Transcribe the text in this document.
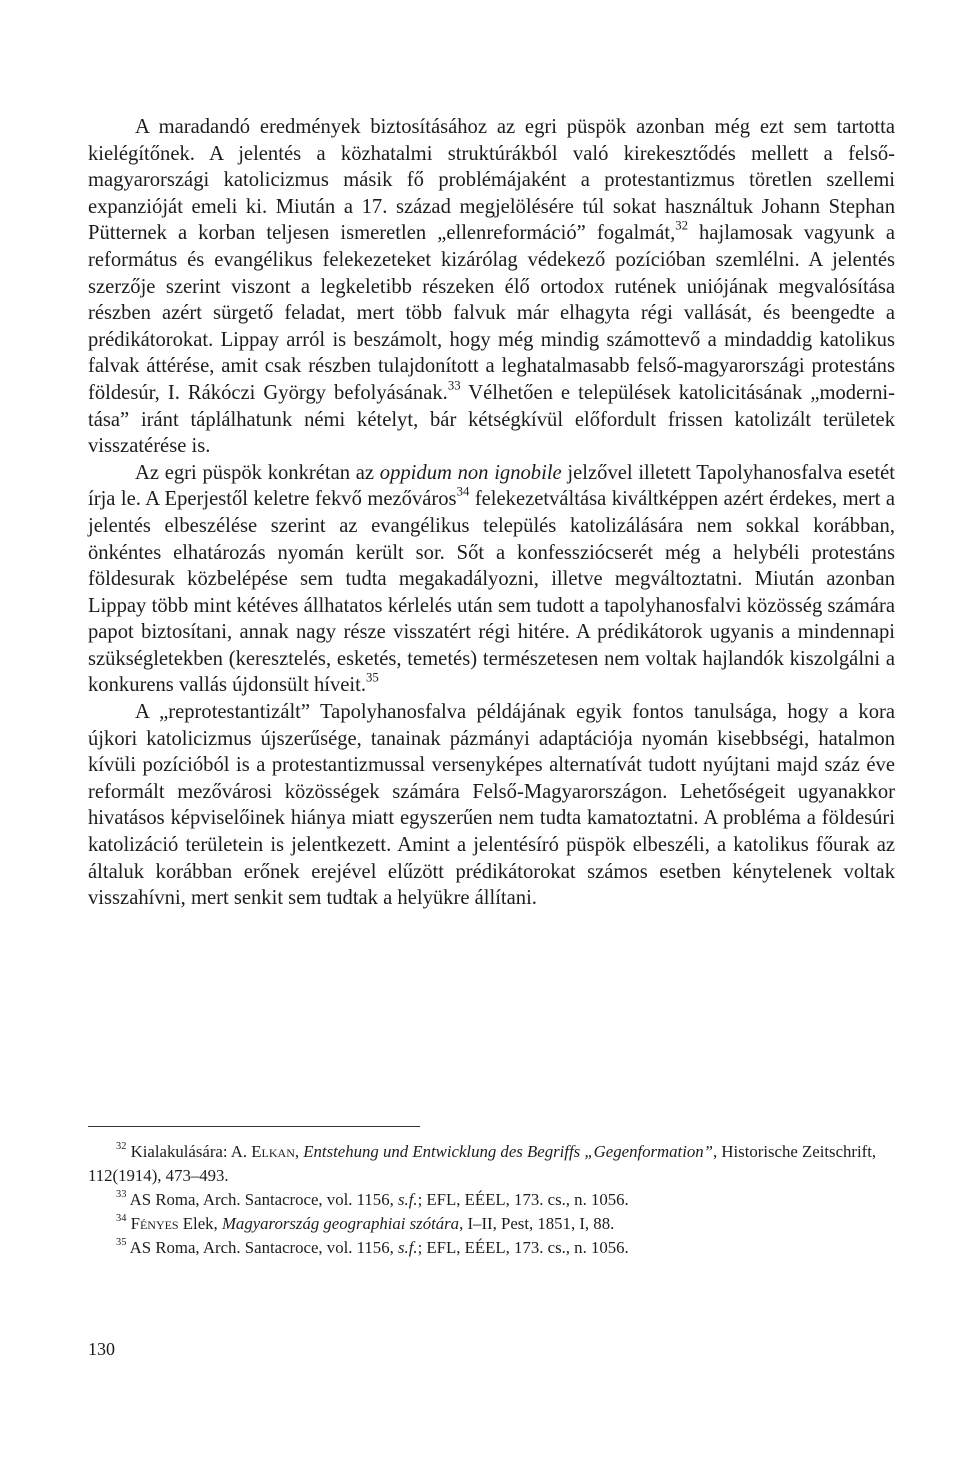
A maradandó eredmények biztosításához az egri püspök azonban még ezt sem tartotta kielégítőnek. A jelentés a közhatalmi struktúrákból való kirekesztődés mellett a felső-magyarországi katolicizmus másik fő problémájaként a protestantizmus töretlen szellemi expanzióját emeli ki. Miután a 17. század megjelölésére túl sokat használtuk Johann Stephan Pütternek a korban teljesen ismeretlen „ellenreformáció” fogalmát,$^{32}$ hajlamosak vagyunk a református és evangélikus felekezeteket kizárólag védekező pozícióban szemlélni. A jelentés szerzője szerint viszont a legkeletibb részeken élő ortodox rutének uniójának megvalósítása részben azért sürgető feladat, mert több falvuk már elhagyta régi vallását, és beengedte a prédikátorokat. Lippay arról is beszámolt, hogy még mindig számottevő a mindaddig katolikus falvak áttérése, amit csak részben tulajdonított a leghatalmasabb felső-magyarországi protestáns földesúr, I. Rákóczi György befolyásának.$^{33}$ Vélhetően e települések katolicitásának „modernitása” iránt táplálhatunk némi kételyt, bár kétségkívül előfordult frissen katolizált területek visszatérése is.

Az egri püspök konkrétan az oppidum non ignobile jelzővel illetett Tapolyhanosfalva esetét írja le. A Eperjestől keletre fekvő mezőváros$^{34}$ felekezetváltása kiváltképpen azért érdekes, mert a jelentés elbeszélése szerint az evangélikus település katolizálására nem sokkal korábban, önkéntes elhatározás nyomán került sor. Sőt a konfessziócserét még a helybéli protestáns földesurak közbelépése sem tudta megakadályozni, illetve megváltoztatni. Miután azonban Lippay több mint kétéves állhatatos kérlelés után sem tudott a tapolyhanosfalvi közösség számára papot biztosítani, annak nagy része visszatért régi hitére. A prédikátorok ugyanis a mindennapi szükségletekben (keresztelés, esketés, temetés) természetesen nem voltak hajlandók kiszolgálni a konkurens vallás újdonsült híveit.$^{35}$

A „reprotestantizált” Tapolyhanosfalva példájának egyik fontos tanulsága, hogy a kora újkori katolicizmus újszerűsége, tanainak pázmányi adaptációja nyomán kisebbségi, hatalmon kívüli pozícióból is a protestantizmussal versenyképes alternatívát tudott nyújtani majd száz éve reformált mezővárosi közösségek számára Felső-Magyarországon. Lehetőségeit ugyanakkor hivatásos képviselőinek hiánya miatt egyszerűen nem tudta kamatoztatni. A probléma a földesúri katolizáció területein is jelentkezett. Amint a jelentésíró püspök elbeszéli, a katolikus főurak az általuk korábban erőnek erejével elűzött prédikátorokat számos esetben kénytelenek voltak visszahívni, mert senkit sem tudtak a helyükre állítani.

$^{32}$ Kialakulására: A. Elkan, Entstehung und Entwicklung des Begriffs „Gegenformation”, Historische Zeitschrift, 112(1914), 473–493.

$^{33}$ AS Roma, Arch. Santacroce, vol. 1156, s.f.; EFL, EÉEL, 173. cs., n. 1056.

$^{34}$ Fényes Elek, Magyarország geographiai szótára, I–II, Pest, 1851, I, 88.

$^{35}$ AS Roma, Arch. Santacroce, vol. 1156, s.f.; EFL, EÉEL, 173. cs., n. 1056.

130
